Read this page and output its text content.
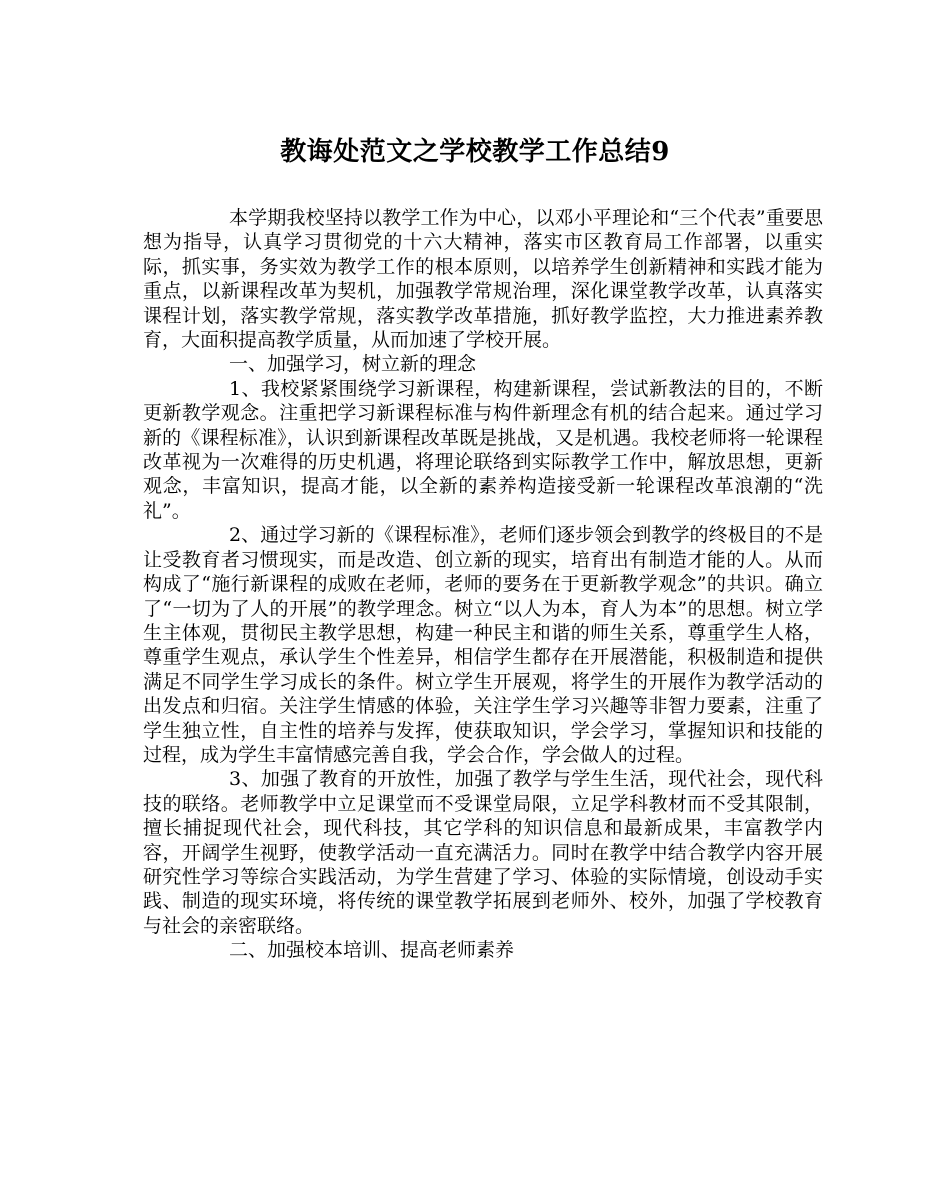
教诲处范文之学校教学工作总结9

本学期我校坚持以教学工作为中心，以邓小平理论和“三个代表”重要思想为指导，认真学习贯彻党的十六大精神，落实市区教育局工作部署，以重实际，抓实事，务实效为教学工作的根本原则，以培养学生创新精神和实践才能为重点，以新课程改革为契机，加强教学常规治理，深化课堂教学改革，认真落实课程计划，落实教学常规，落实教学改革措施，抓好教学监控，大力推进素养教育，大面积提高教学质量，从而加速了学校开展。

一、加强学习，树立新的理念

1、我校紧紧围绕学习新课程，构建新课程，尝试新教法的目的，不断更新教学观念。注重把学习新课程标准与构件新理念有机的结合起来。通过学习新的《课程标准》，认识到新课程改革既是挑战，又是机遇。我校老师将一轮课程改革视为一次难得的历史机遇，将理论联络到实际教学工作中，解放思想，更新观念，丰富知识，提高才能，以全新的素养构造接受新一轮课程改革浪潮的“洗礼”。

2、通过学习新的《课程标准》，老师们逐步领会到教学的终极目的不是让受教育者习惯现实，而是改造、创立新的现实，培育出有制造才能的人。从而构成了“施行新课程的成败在老师，老师的要务在于更新教学观念”的共识。确立了“一切为了人的开展”的教学理念。树立“以人为本，育人为本”的思想。树立学生主体观，贯彻民主教学思想，构建一种民主和谐的师生关系，尊重学生人格，尊重学生观点，承认学生个性差异，相信学生都存在开展潜能，积极制造和提供满足不同学生学习成长的条件。树立学生开展观，将学生的开展作为教学活动的出发点和归宿。关注学生情感的体验，关注学生学习兴趣等非智力要素，注重了学生独立性，自主性的培养与发挥，使获取知识，学会学习，掌握知识和技能的过程，成为学生丰富情感完善自我，学会合作，学会做人的过程。

3、加强了教育的开放性，加强了教学与学生生活，现代社会，现代科技的联络。老师教学中立足课堂而不受课堂局限，立足学科教材而不受其限制，擅长捕捉现代社会，现代科技，其它学科的知识信息和最新成果，丰富教学内容，开阔学生视野，使教学活动一直充满活力。同时在教学中结合教学内容开展研究性学习等综合实践活动，为学生营建了学习、体验的实际情境，创设动手实践、制造的现实环境，将传统的课堂教学拓展到老师外、校外，加强了学校教育与社会的亲密联络。

二、加强校本培训、提高老师素养
